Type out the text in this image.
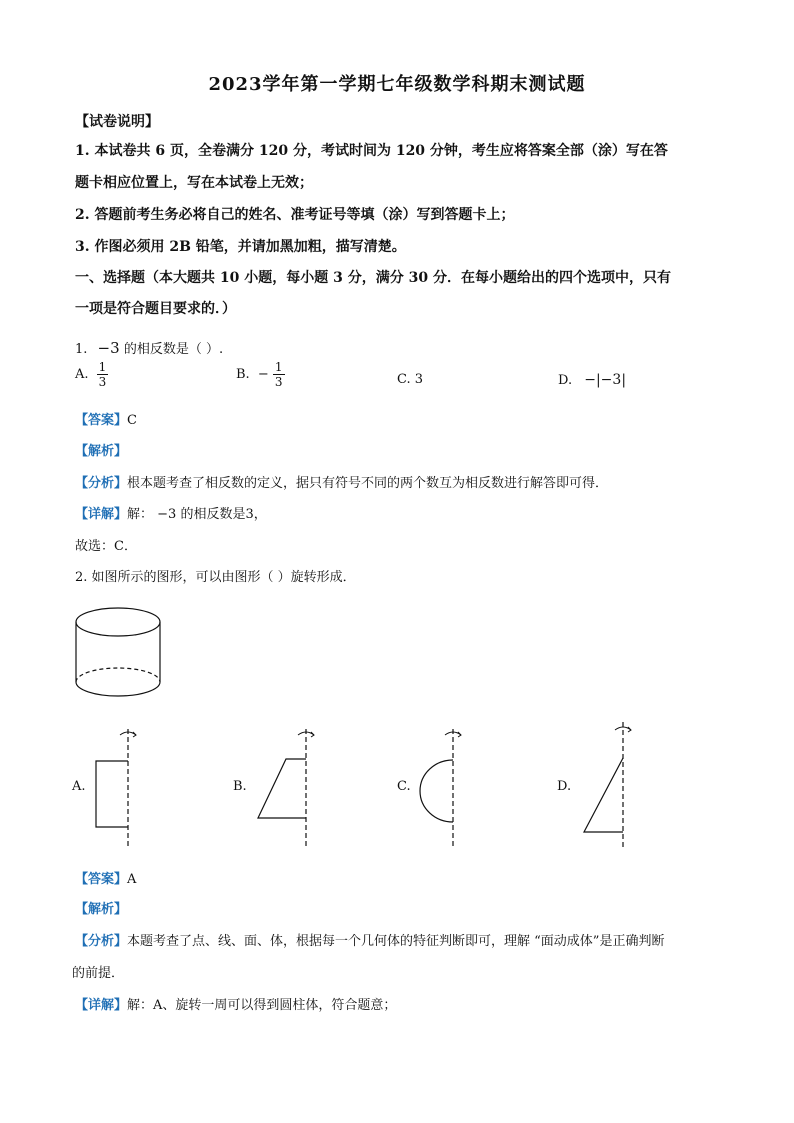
2023学年第一学期七年级数学科期末测试题
【试卷说明】
1. 本试卷共 6 页，全卷满分 120 分，考试时间为 120 分钟，考生应将答案全部（涂）写在答
题卡相应位置上，写在本试卷上无效；
2. 答题前考生务必将自己的姓名、准考证号等填（涂）写到答题卡上；
3. 作图必须用 2B 铅笔，并请加黑加粗，描写清楚。
一、选择题（本大题共 10 小题，每小题 3 分，满分 30 分．在每小题给出的四个选项中，只有
一项是符合题目要求的．）
1. −3 的相反数是（ ）.
A. $\frac{1}{3}$	B. − $\frac{1}{3}$	C. 3	D. −|−3|
【答案】C
【解析】
【分析】根本题考查了相反数的定义，据只有符号不同的两个数互为相反数进行解答即可得．
【详解】解： −3 的相反数是3，
故选：C．
2. 如图所示的图形，可以由图形（ ）旋转形成．
A.	B.	C.	D.
【答案】A
【解析】
【分析】本题考查了点、线、面、体，根据每一个几何体的特征判断即可，理解 “面动成体”是正确判断
的前提．
【详解】解：A、旋转一周可以得到圆柱体，符合题意；
